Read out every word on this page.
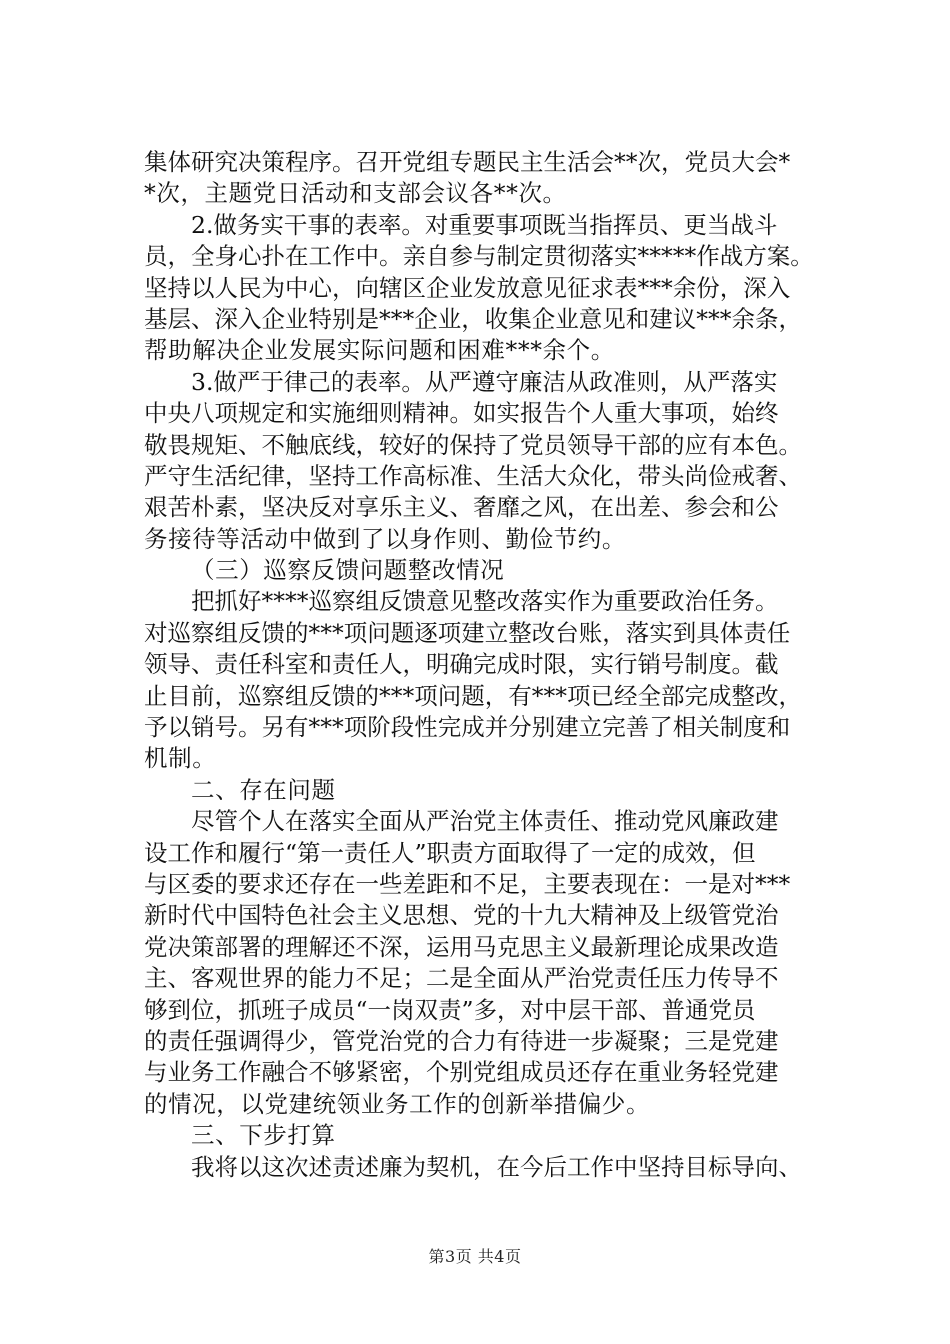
集体研究决策程序。召开党组专题民主生活会**次，党员大会*
*次，主题党日活动和支部会议各**次。
2.做务实干事的表率。对重要事项既当指挥员、更当战斗
员，全身心扑在工作中。亲自参与制定贯彻落实*****作战方案。
坚持以人民为中心，向辖区企业发放意见征求表***余份，深入
基层、深入企业特别是***企业，收集企业意见和建议***余条，
帮助解决企业发展实际问题和困难***余个。
3.做严于律己的表率。从严遵守廉洁从政准则，从严落实
中央八项规定和实施细则精神。如实报告个人重大事项，始终
敬畏规矩、不触底线，较好的保持了党员领导干部的应有本色。
严守生活纪律，坚持工作高标准、生活大众化，带头尚俭戒奢、
艰苦朴素，坚决反对享乐主义、奢靡之风，在出差、参会和公
务接待等活动中做到了以身作则、勤俭节约。
（三）巡察反馈问题整改情况
把抓好****巡察组反馈意见整改落实作为重要政治任务。
对巡察组反馈的***项问题逐项建立整改台账，落实到具体责任
领导、责任科室和责任人，明确完成时限，实行销号制度。截
止目前，巡察组反馈的***项问题，有***项已经全部完成整改，
予以销号。另有***项阶段性完成并分别建立完善了相关制度和
机制。
二、存在问题
尽管个人在落实全面从严治党主体责任、推动党风廉政建
设工作和履行“第一责任人”职责方面取得了一定的成效，但
与区委的要求还存在一些差距和不足，主要表现在：一是对***
新时代中国特色社会主义思想、党的十九大精神及上级管党治
党决策部署的理解还不深，运用马克思主义最新理论成果改造
主、客观世界的能力不足；二是全面从严治党责任压力传导不
够到位，抓班子成员“一岗双责”多，对中层干部、普通党员
的责任强调得少，管党治党的合力有待进一步凝聚；三是党建
与业务工作融合不够紧密，个别党组成员还存在重业务轻党建
的情况，以党建统领业务工作的创新举措偏少。
三、下步打算
我将以这次述责述廉为契机，在今后工作中坚持目标导向、
第3页 共4页
